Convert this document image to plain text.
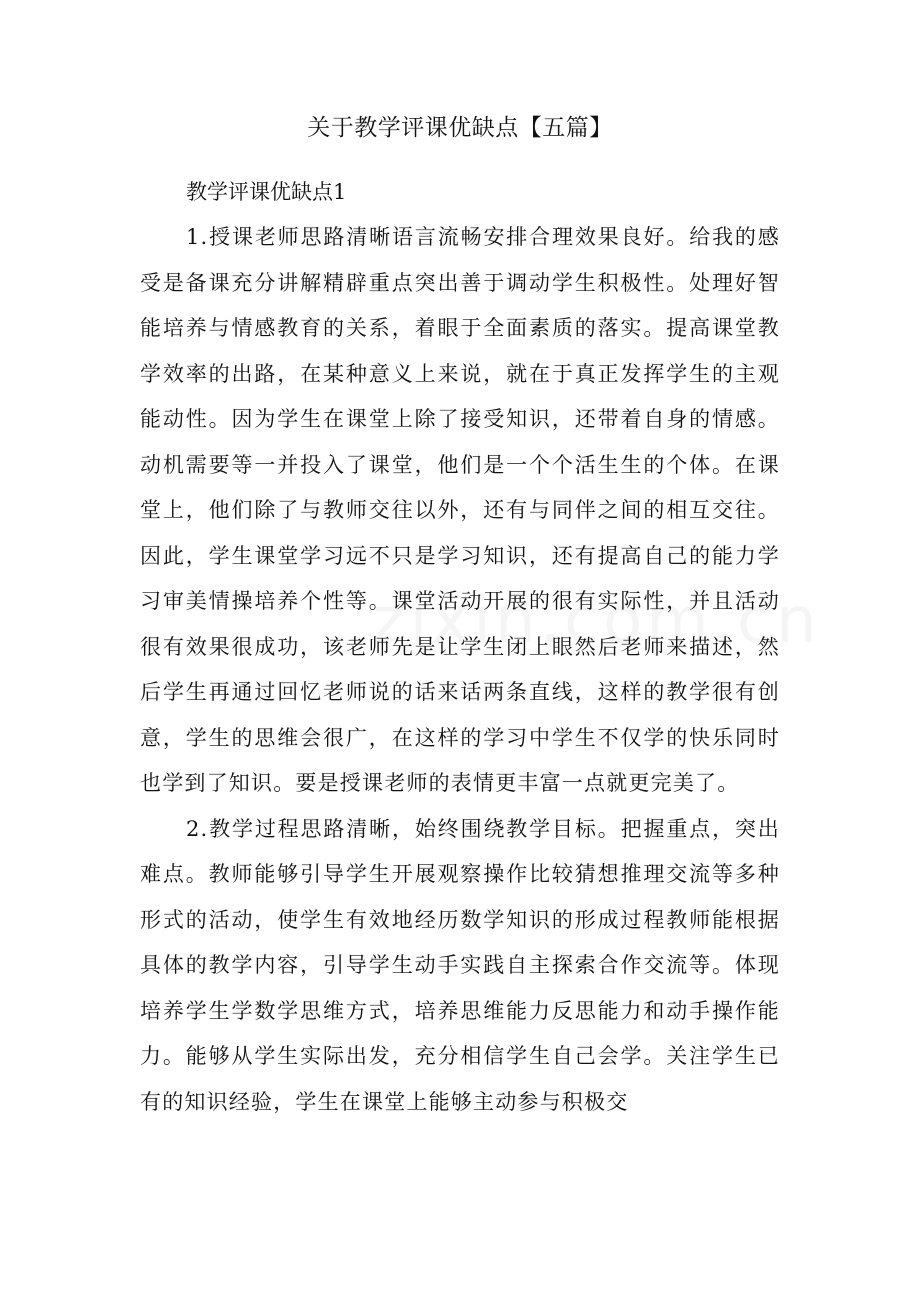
关于教学评课优缺点【五篇】

教学评课优缺点1

1.授课老师思路清晰语言流畅安排合理效果良好。给我的感受是备课充分讲解精辟重点突出善于调动学生积极性。处理好智能培养与情感教育的关系，着眼于全面素质的落实。提高课堂教学效率的出路，在某种意义上来说，就在于真正发挥学生的主观能动性。因为学生在课堂上除了接受知识，还带着自身的情感。动机需要等一并投入了课堂，他们是一个个活生生的个体。在课堂上，他们除了与教师交往以外，还有与同伴之间的相互交往。因此，学生课堂学习远不只是学习知识，还有提高自己的能力学习审美情操培养个性等。课堂活动开展的很有实际性，并且活动很有效果很成功，该老师先是让学生闭上眼然后老师来描述，然后学生再通过回忆老师说的话来话两条直线，这样的教学很有创意，学生的思维会很广，在这样的学习中学生不仅学的快乐同时也学到了知识。要是授课老师的表情更丰富一点就更完美了。

2.教学过程思路清晰，始终围绕教学目标。把握重点，突出难点。教师能够引导学生开展观察操作比较猜想推理交流等多种形式的活动，使学生有效地经历数学知识的形成过程教师能根据具体的教学内容，引导学生动手实践自主探索合作交流等。体现培养学生学数学思维方式，培养思维能力反思能力和动手操作能力。能够从学生实际出发，充分相信学生自己会学。关注学生已有的知识经验，学生在课堂上能够主动参与积极交
